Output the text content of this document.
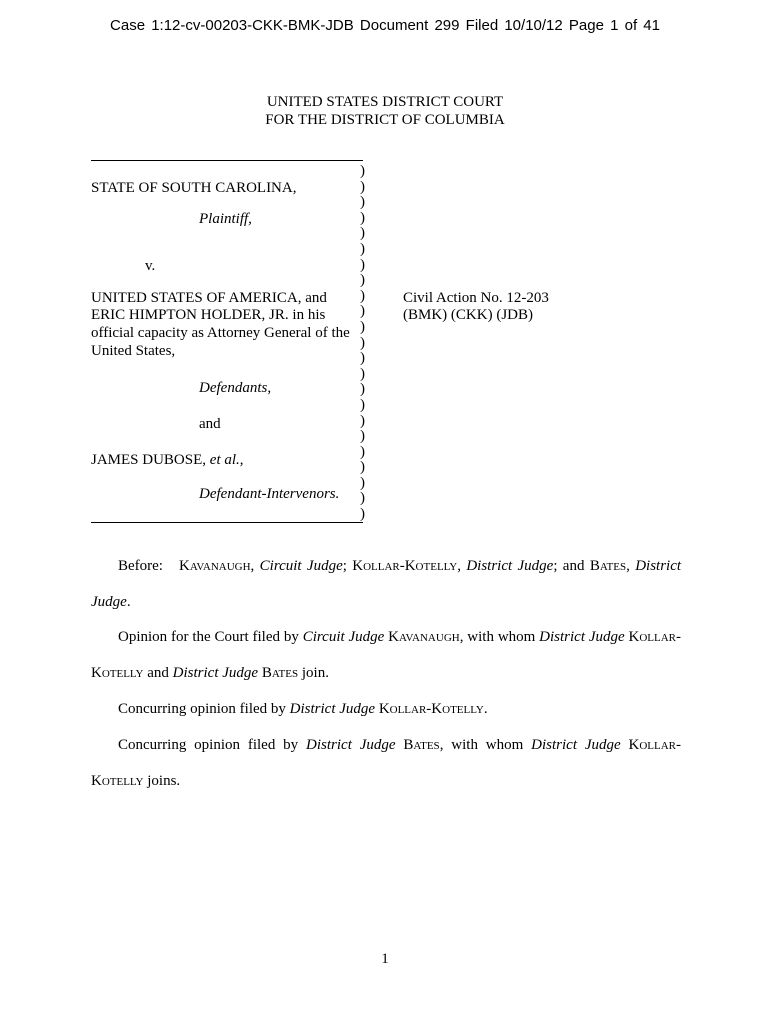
Case 1:12-cv-00203-CKK-BMK-JDB Document 299 Filed 10/10/12 Page 1 of 41
UNITED STATES DISTRICT COURT
FOR THE DISTRICT OF COLUMBIA
)
)
)
)
)
)
)
)
)
)
)
)
)
)
)
)
)
)
)
)
)
)
)
STATE OF SOUTH CAROLINA,
Plaintiff,
v.
UNITED STATES OF AMERICA, and
ERIC HIMPTON HOLDER, JR. in his
official capacity as Attorney General of the
United States,
Defendants,
and
JAMES DUBOSE, et al.,
Defendant-Intervenors.
Civil Action No. 12-203
(BMK) (CKK) (JDB)
Before: Kavanaugh, Circuit Judge; Kollar-Kotelly, District Judge; and Bates, District Judge.
Opinion for the Court filed by Circuit Judge Kavanaugh, with whom District Judge Kollar-Kotelly and District Judge Bates join.
Concurring opinion filed by District Judge Kollar-Kotelly.
Concurring opinion filed by District Judge Bates, with whom District Judge Kollar-Kotelly joins.
1
